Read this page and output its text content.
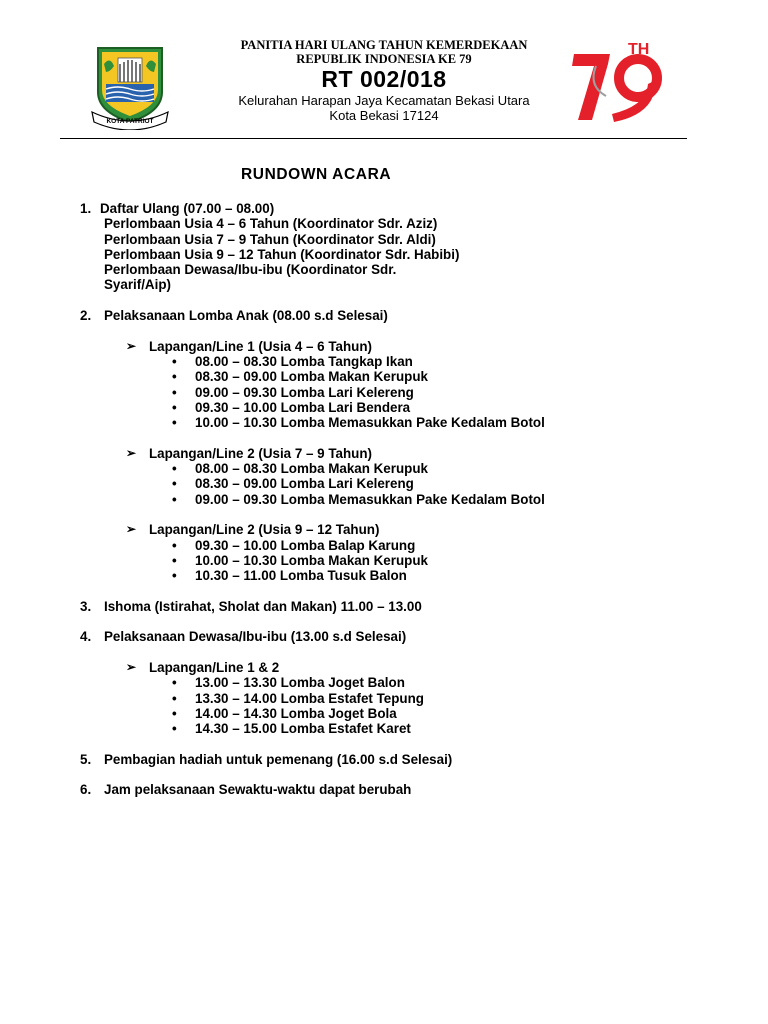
KOTA PATRIOT
PANITIA HARI ULANG TAHUN KEMERDEKAAN
REPUBLIK INDONESIA KE 79
RT 002/018
Kelurahan Harapan Jaya Kecamatan Bekasi Utara
Kota Bekasi 17124
TH
RUNDOWN ACARA
1. Daftar Ulang (07.00 – 08.00)
Perlombaan Usia 4 – 6 Tahun (Koordinator Sdr. Aziz)
Perlombaan Usia 7 – 9 Tahun (Koordinator Sdr. Aldi)
Perlombaan Usia 9 – 12 Tahun (Koordinator Sdr. Habibi)
Perlombaan Dewasa/Ibu-ibu (Koordinator Sdr.
Syarif/Aip)
2. Pelaksanaan Lomba Anak (08.00 s.d Selesai)
➢ Lapangan/Line 1 (Usia 4 – 6 Tahun)
• 08.00 – 08.30 Lomba Tangkap Ikan
• 08.30 – 09.00 Lomba Makan Kerupuk
• 09.00 – 09.30 Lomba Lari Kelereng
• 09.30 – 10.00 Lomba Lari Bendera
• 10.00 – 10.30 Lomba Memasukkan Pake Kedalam Botol
➢ Lapangan/Line 2 (Usia 7 – 9 Tahun)
• 08.00 – 08.30 Lomba Makan Kerupuk
• 08.30 – 09.00 Lomba Lari Kelereng
• 09.00 – 09.30 Lomba Memasukkan Pake Kedalam Botol
➢ Lapangan/Line 2 (Usia 9 – 12 Tahun)
• 09.30 – 10.00 Lomba Balap Karung
• 10.00 – 10.30 Lomba Makan Kerupuk
• 10.30 – 11.00 Lomba Tusuk Balon
3. Ishoma (Istirahat, Sholat dan Makan) 11.00 – 13.00
4. Pelaksanaan Dewasa/Ibu-ibu (13.00 s.d Selesai)
➢ Lapangan/Line 1 & 2
• 13.00 – 13.30 Lomba Joget Balon
• 13.30 – 14.00 Lomba Estafet Tepung
• 14.00 – 14.30 Lomba Joget Bola
• 14.30 – 15.00 Lomba Estafet Karet
5. Pembagian hadiah untuk pemenang (16.00 s.d Selesai)
6. Jam pelaksanaan Sewaktu-waktu dapat berubah
